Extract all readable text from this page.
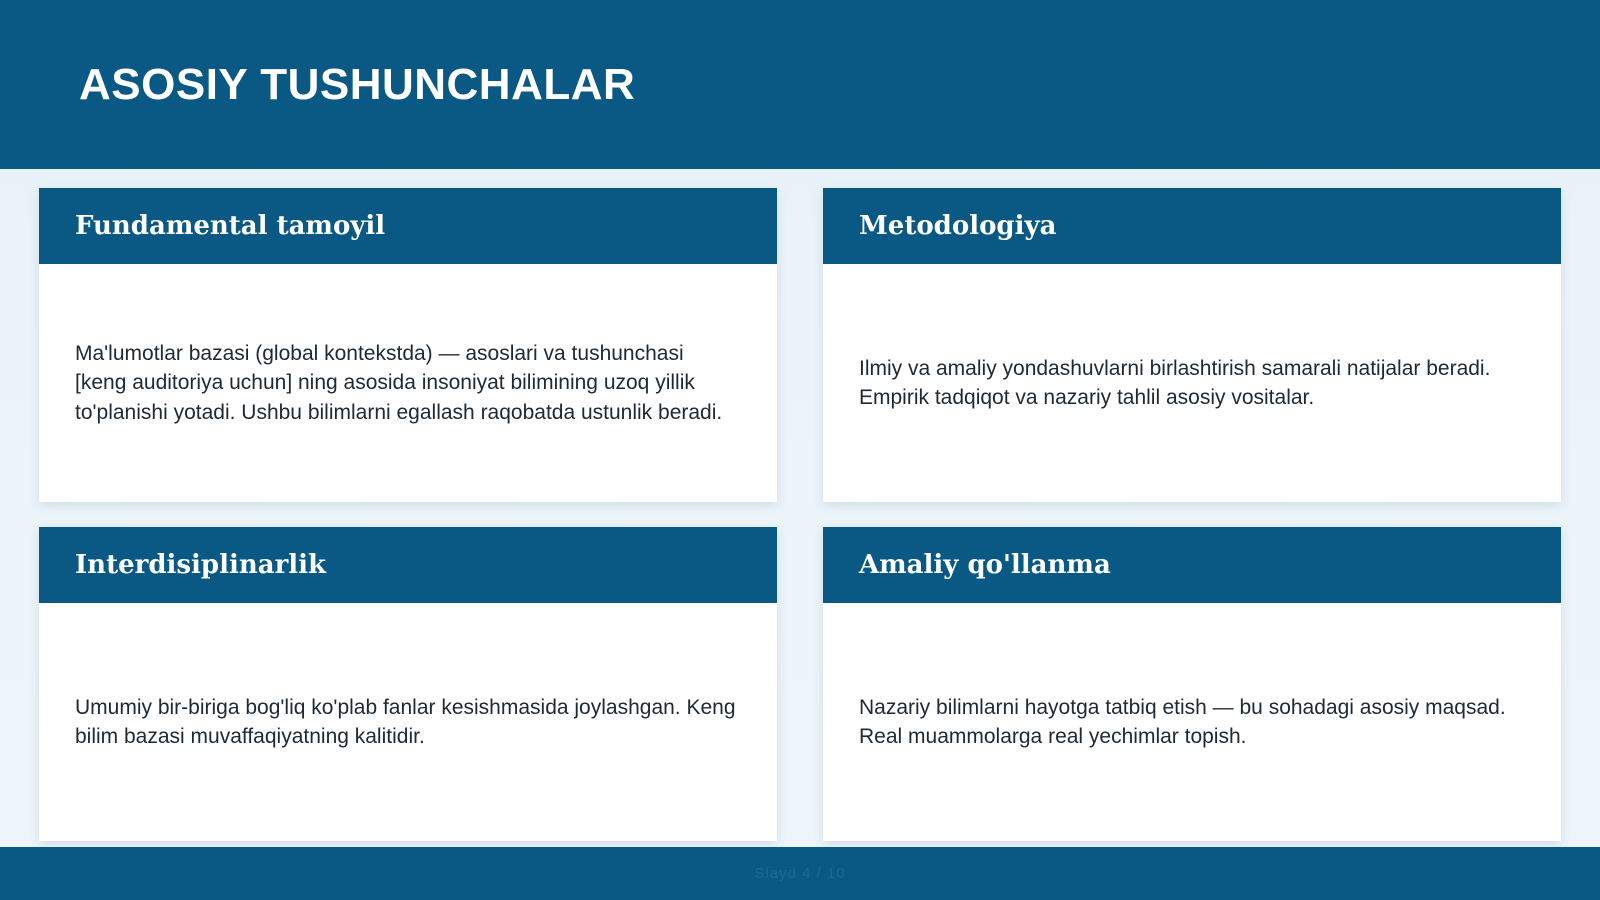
ASOSIY TUSHUNCHALAR
Fundamental tamoyil

Ma'lumotlar bazasi (global kontekstda) — asoslari va tushunchasi [keng auditoriya uchun] ning asosida insoniyat bilimining uzoq yillik to'planishi yotadi. Ushbu bilimlarni egallash raqobatda ustunlik beradi.

Metodologiya

Ilmiy va amaliy yondashuvlarni birlashtirish samarali natijalar beradi. Empirik tadqiqot va nazariy tahlil asosiy vositalar.

Interdisiplinarlik

Umumiy bir-biriga bog'liq ko'plab fanlar kesishmasida joylashgan. Keng bilim bazasi muvaffaqiyatning kalitidir.

Amaliy qo'llanma

Nazariy bilimlarni hayotga tatbiq etish — bu sohadagi asosiy maqsad. Real muammolarga real yechimlar topish.

Slayd 4 / 10
